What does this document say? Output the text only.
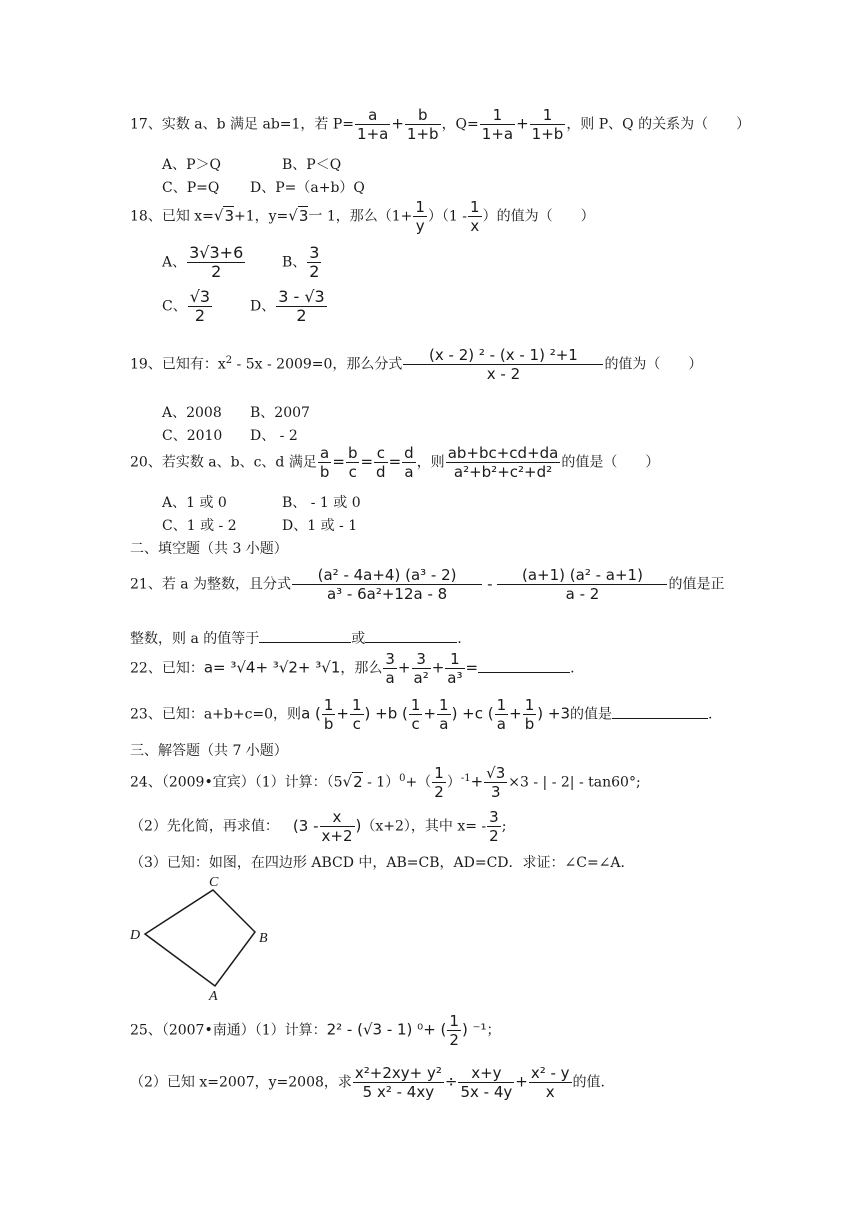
17、实数 a、b 满足 ab=1，若 $P= \frac{a}{1+a} + \frac{b}{1+b}$ ，$Q= \frac{1}{1+a} + \frac{1}{1+b}$ ，则 P、Q 的关系为（　　）
A、P＞Q	B、P＜Q
C、P=Q D、P=（a+b）Q
18、已知 x=√3+1，y=√3一 1，那么$(1+ \frac{1}{y} )(1 - \frac{1}{x}$ ）的值为（　　）
A、 $\frac{3√3+6}{2}$	B、 $\frac{3}{2}$
C、 $\frac{√3}{2}$	D、 $\frac{3 - √3}{2}$
19、已知有：$x^2 - 5x - 2009=0$，那么分式 $\frac{\text{(x - 2) ² - (x - 1) ²+1}}{x - 2}$ 的值为（　　）
A、2008 B、2007
C、2010 D、 - 2
20、若实数 a、b、c、d 满足 $\frac{a}{b} = \frac{b}{c} = \frac{c}{d} = \frac{d}{a}$ ，则 $\frac{ab+bc+cd+da}{\text{a²+b²+c²+d²}}$ 的值是（　　）
A、1 或 0	B、 - 1 或 0
C、1 或 - 2	D、1 或 - 1
二、填空题（共 3 小题）
21、若 a 为整数，且分式 $\frac{\text{(a² - 4a+4) (a³ - 2)}}{\text{a³ - 6a²+12a - 8}} - \frac{\text{(a+1) (a² - a+1)}}{a - 2}$ 的值是正
整数，则 a 的值等于	或	.
22、已知：a= ³√4+ ³√2+ ³√1，那么 $\frac{3}{a} + \frac{3}{\text{a²}} + \frac{1}{\text{a³}}$ =	.
23、已知：a+b+c=0，则a ( $\frac{1}{b} + \frac{1}{c}$ ) +b ( $\frac{1}{c} + \frac{1}{a}$ ) +c ( $\frac{1}{a} + \frac{1}{b}$ ) +3的值是	.
三、解答题（共 7 小题）
24、（2009•宜宾）（1）计算：$(5√2 - 1)^0+( \frac{1}{2} )^{-1}+ \frac{√3}{3} \times 3$ - | - 2| - tan60°;
（2）先化简，再求值： $(3 - \frac{x}{x+2} )(x+2)$，其中 $x= - \frac{3}{2}$ ;
（3）已知：如图，在四边形 ABCD 中，AB=CB，AD=CD．求证：∠C=∠A．
C
D	B
A
25、（2007•南通）（1）计算：2² - (√3 - 1) ⁰+ ( $\frac{1}{2}$ ) ⁻¹；
（2）已知 x=2007，y=2008，求 $\frac{\text{x²+2xy+ y²}}{\text{5 x² - 4xy}} \div \frac{x+y}{5x - 4y} + \frac{\text{x² - y}}{x}$ 的值.
